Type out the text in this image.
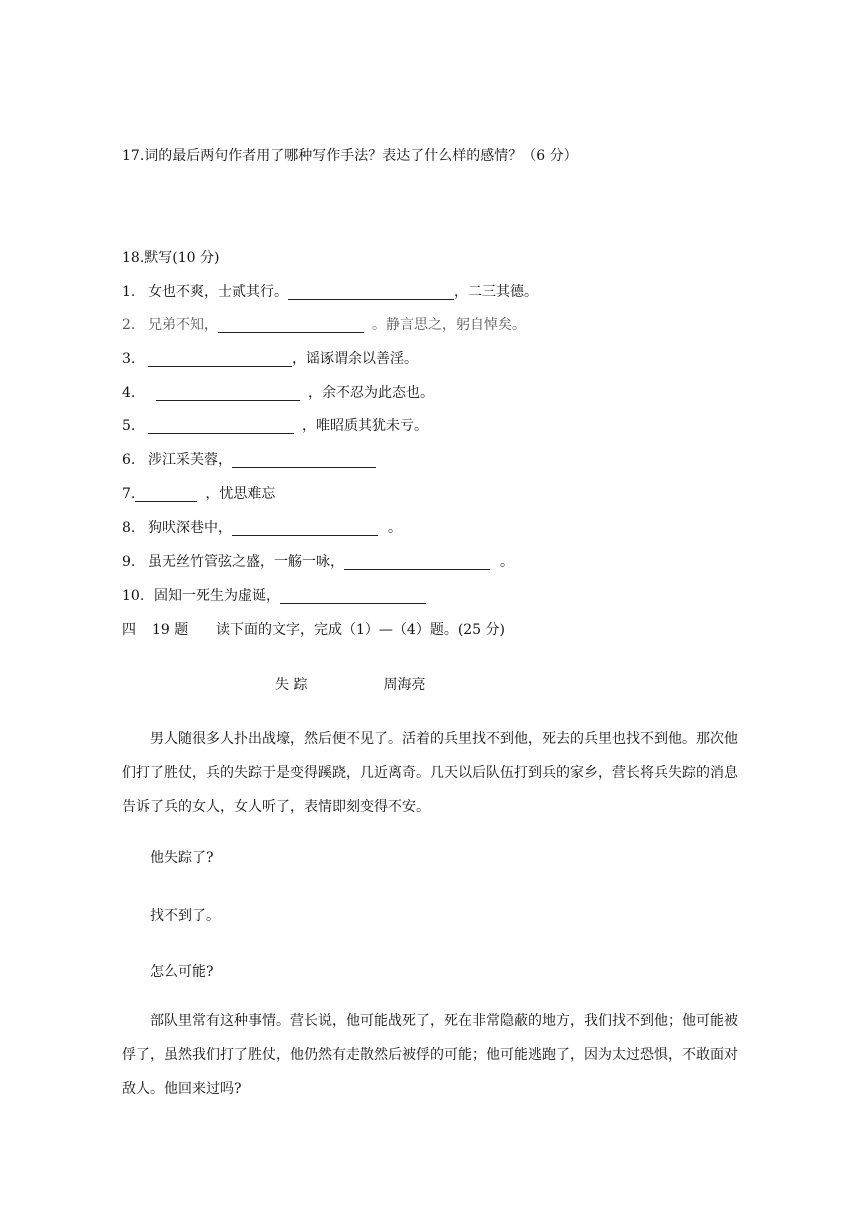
17.词的最后两句作者用了哪种写作手法？表达了什么样的感情？（6 分）
18.默写(10 分)
1. 女也不爽，士贰其行。	，二三其德。
2. 兄弟不知，	。静言思之，躬自悼矣。
3.	，谣诼谓余以善淫。
4.	，余不忍为此态也。
5.	，唯昭质其犹未亏。
6. 涉江采芙蓉，
7.	，忧思难忘
8. 狗吠深巷中，	。
9. 虽无丝竹管弦之盛，一觞一咏，	。
10. 固知一死生为虚诞，
四 19 题 读下面的文字，完成（1）—（4）题。(25 分)
失 踪	周海亮
男人随很多人扑出战壕，然后便不见了。活着的兵里找不到他，死去的兵里也找不到他。那次他们打了胜仗，兵的失踪于是变得蹊跷，几近离奇。几天以后队伍打到兵的家乡，营长将兵失踪的消息告诉了兵的女人，女人听了，表情即刻变得不安。
他失踪了?
找不到了。
怎么可能?
部队里常有这种事情。营长说，他可能战死了，死在非常隐蔽的地方，我们找不到他；他可能被俘了，虽然我们打了胜仗，他仍然有走散然后被俘的可能；他可能逃跑了，因为太过恐惧，不敢面对敌人。他回来过吗?
